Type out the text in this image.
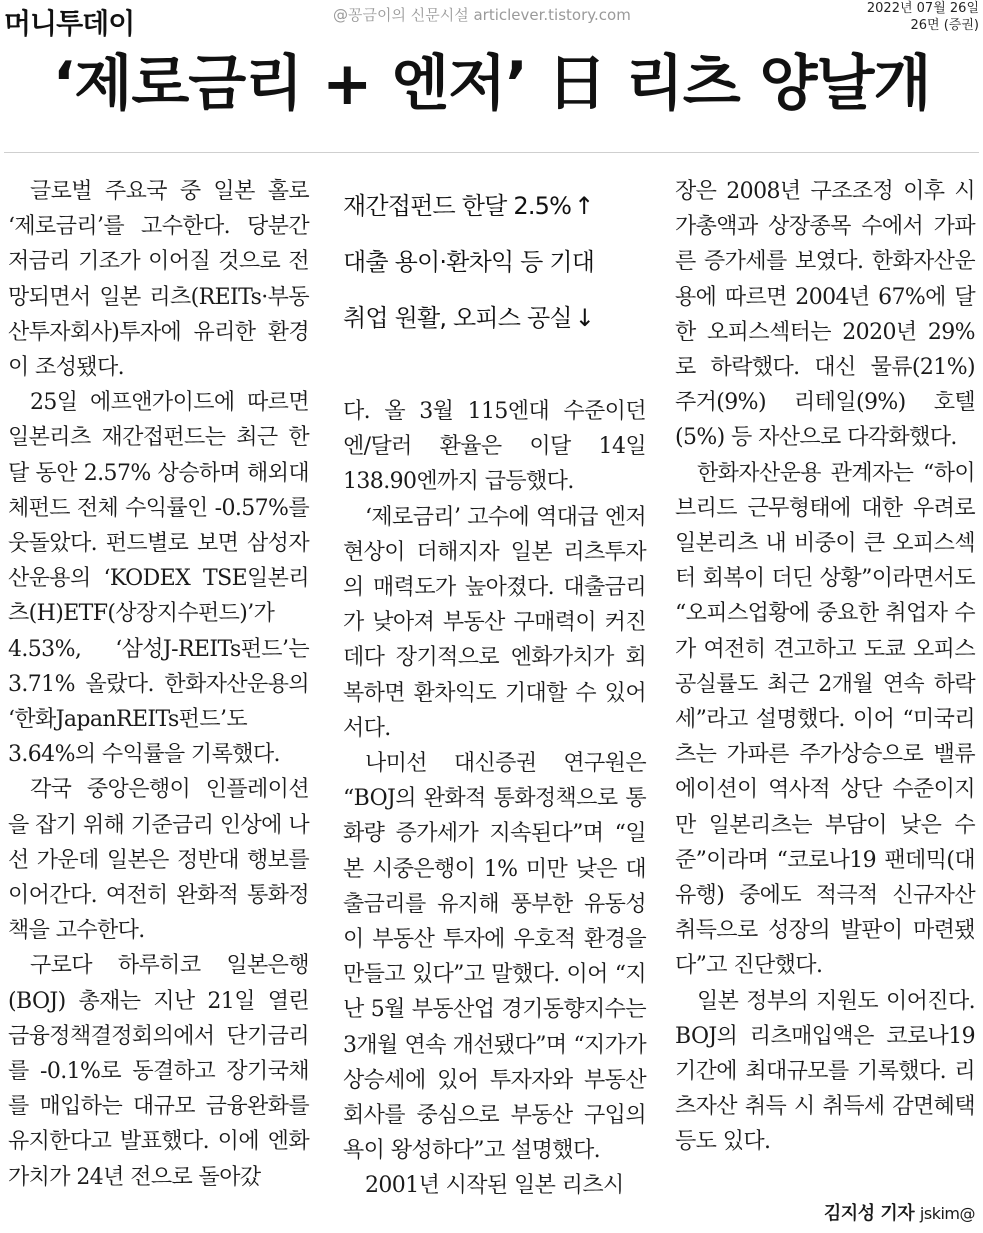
머니투데이	@꽁금이의 신문시설 articlever.tistory.com	2022년 07월 26일
26면 (증권)
‘제로금리 + 엔저’ 日 리츠 양날개

글로벌 주요국 중 일본 홀로 ‘제로금리’를 고수한다. 당분간 저금리 기조가 이어질 것으로 전망되면서 일본 리츠(REITs·부동산투자회사)투자에 유리한 환경이 조성됐다.

25일 에프앤가이드에 따르면 일본리츠 재간접펀드는 최근 한 달 동안 2.57% 상승하며 해외대체펀드 전체 수익률인 -0.57%를 웃돌았다. 펀드별로 보면 삼성자산운용의 ‘KODEX TSE일본리츠(H)ETF(상장지수펀드)’가 4.53%, ‘삼성J-REITs펀드’는 3.71% 올랐다. 한화자산운용의 ‘한화JapanREITs펀드’도 3.64%의 수익률을 기록했다.

각국 중앙은행이 인플레이션을 잡기 위해 기준금리 인상에 나선 가운데 일본은 정반대 행보를 이어간다. 여전히 완화적 통화정책을 고수한다.

구로다 하루히코 일본은행(BOJ) 총재는 지난 21일 열린 금융정책결정회의에서 단기금리를 -0.1%로 동결하고 장기국채를 매입하는 대규모 금융완화를 유지한다고 발표했다. 이에 엔화가치가 24년 전으로 돌아갔

재간접펀드 한달 2.5% ↑
대출 용이·환차익 등 기대
취업 원활, 오피스 공실 ↓

다. 올 3월 115엔대 수준이던 엔/달러 환율은 이달 14일 138.90엔까지 급등했다.

‘제로금리’ 고수에 역대급 엔저현상이 더해지자 일본 리츠투자의 매력도가 높아졌다. 대출금리가 낮아져 부동산 구매력이 커진 데다 장기적으로 엔화가치가 회복하면 환차익도 기대할 수 있어서다.

나미선 대신증권 연구원은 “BOJ의 완화적 통화정책으로 통화량 증가세가 지속된다”며 “일본 시중은행이 1% 미만 낮은 대출금리를 유지해 풍부한 유동성이 부동산 투자에 우호적 환경을 만들고 있다”고 말했다. 이어 “지난 5월 부동산업 경기동향지수는 3개월 연속 개선됐다”며 “지가가 상승세에 있어 투자자와 부동산회사를 중심으로 부동산 구입의욕이 왕성하다”고 설명했다.

2001년 시작된 일본 리츠시

장은 2008년 구조조정 이후 시가총액과 상장종목 수에서 가파른 증가세를 보였다. 한화자산운용에 따르면 2004년 67%에 달한 오피스섹터는 2020년 29%로 하락했다. 대신 물류(21%) 주거(9%) 리테일(9%) 호텔(5%) 등 자산으로 다각화했다.

한화자산운용 관계자는 “하이브리드 근무형태에 대한 우려로 일본리츠 내 비중이 큰 오피스섹터 회복이 더딘 상황”이라면서도 “오피스업황에 중요한 취업자 수가 여전히 견고하고 도쿄 오피스 공실률도 최근 2개월 연속 하락세”라고 설명했다. 이어 “미국리츠는 가파른 주가상승으로 밸류에이션이 역사적 상단 수준이지만 일본리츠는 부담이 낮은 수준”이라며 “코로나19 팬데믹(대유행) 중에도 적극적 신규자산 취득으로 성장의 발판이 마련됐다”고 진단했다.

일본 정부의 지원도 이어진다. BOJ의 리츠매입액은 코로나19 기간에 최대규모를 기록했다. 리츠자산 취득 시 취득세 감면혜택 등도 있다.

김지성 기자 jskim@
